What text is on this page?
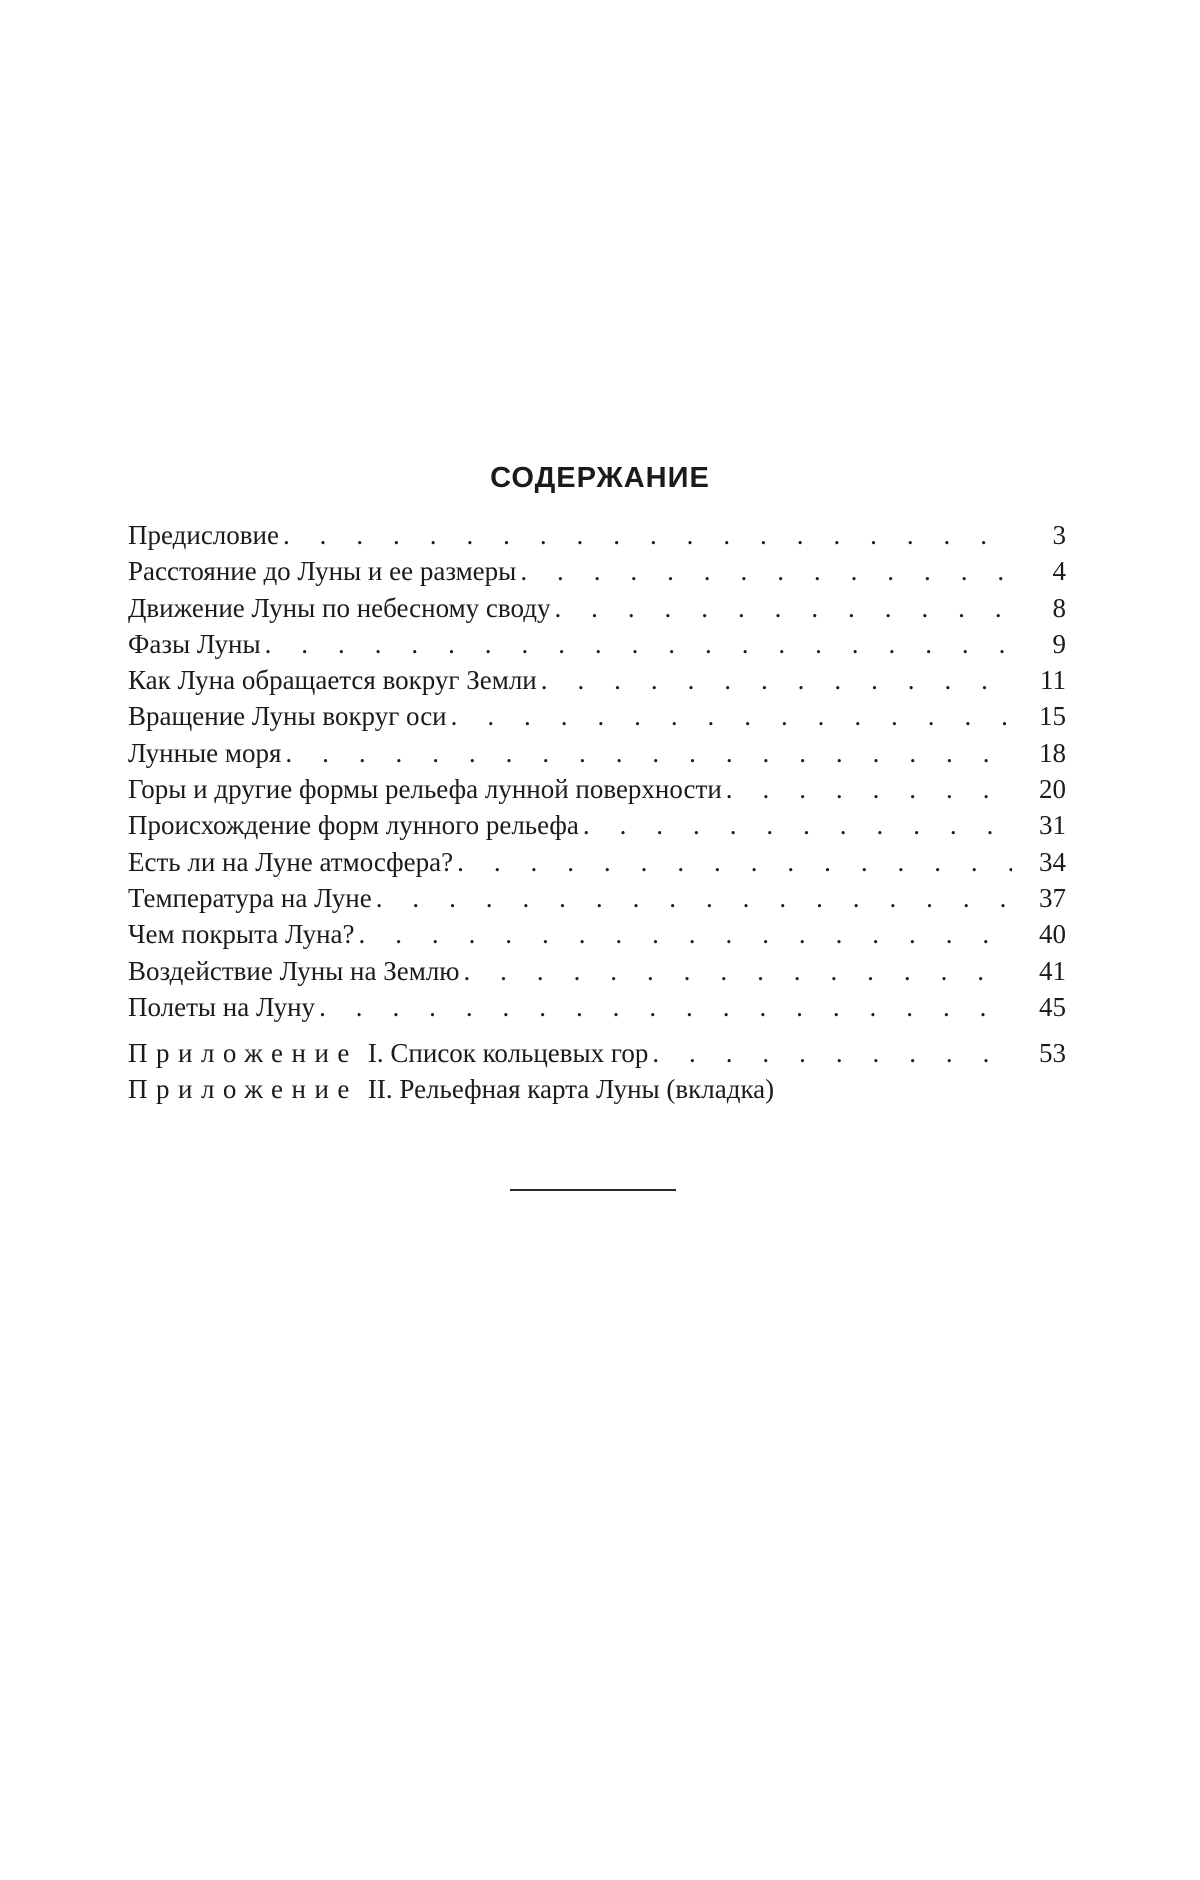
СОДЕРЖАНИЕ
Предисловие . . .	3
Расстояние до Луны и ее размеры . . .	4
Движение Луны по небесному своду . . .	8
Фазы Луны . . .	9
Как Луна обращается вокруг Земли . . .	11
Вращение Луны вокруг оси . . .	15
Лунные моря . . .	18
Горы и другие формы рельефа лунной поверхности . . .	20
Происхождение форм лунного рельефа . . .	31
Есть ли на Луне атмосфера? . . .	34
Температура на Луне . . .	37
Чем покрыта Луна? . . .	40
Воздействие Луны на Землю . . .	41
Полеты на Луну . . .	45
Приложение I. Список кольцевых гор . . .	53
Приложение II. Рельефная карта Луны (вкладка)
